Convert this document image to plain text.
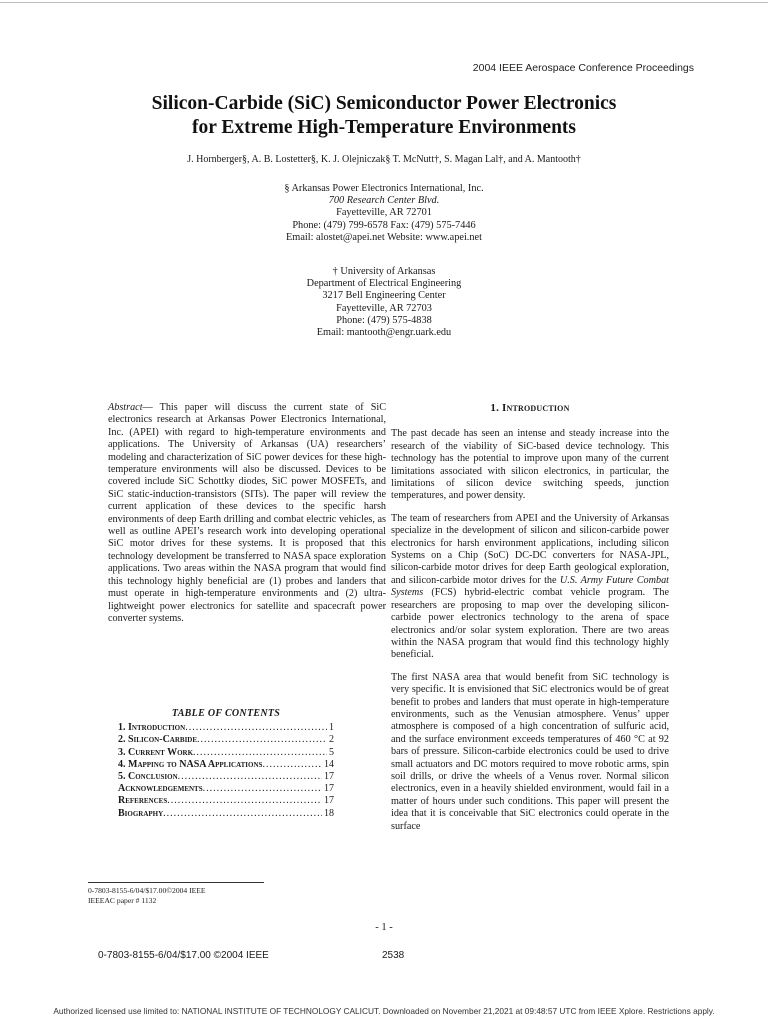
2004 IEEE Aerospace Conference Proceedings
Silicon-Carbide (SiC) Semiconductor Power Electronics
for Extreme High-Temperature Environments
J. Hornberger§, A. B. Lostetter§, K. J. Olejniczak§ T. McNutt†, S. Magan Lal†, and A. Mantooth†
§ Arkansas Power Electronics International, Inc.
700 Research Center Blvd.
Fayetteville, AR 72701
Phone: (479) 799-6578 Fax: (479) 575-7446
Email: alostet@apei.net Website: www.apei.net
† University of Arkansas
Department of Electrical Engineering
3217 Bell Engineering Center
Fayetteville, AR 72703
Phone: (479) 575-4838
Email: mantooth@engr.uark.edu

Abstract— This paper will discuss the current state of SiC electronics research at Arkansas Power Electronics International, Inc. (APEI) with regard to high-temperature environments and applications. The University of Arkansas (UA) researchers’ modeling and characterization of SiC power devices for these high-temperature environments will also be discussed. Devices to be covered include SiC Schottky diodes, SiC power MOSFETs, and SiC static-induction-transistors (SITs). The paper will review the current application of these devices to the specific harsh environments of deep Earth drilling and combat electric vehicles, as well as outline APEI’s research work into developing operational SiC motor drives for these systems. It is proposed that this technology development be transferred to NASA space exploration applications. Two areas within the NASA program that would find this technology highly beneficial are (1) probes and landers that must operate in high-temperature environments and (2) ultra-lightweight power electronics for satellite and spacecraft power converter systems.

TABLE OF CONTENTS
1. Introduction .....	1
2. Silicon-Carbide .....	2
3. Current Work .....	5
4. Mapping to NASA Applications .....	14
5. Conclusion .....	17
Acknowledgements .....	17
References .....	17
Biography .....	18
0-7803-8155-6/04/$17.00©2004 IEEE
IEEEAC paper # 1132
1. Introduction

The past decade has seen an intense and steady increase into the research of the viability of SiC-based device technology. This technology has the potential to improve upon many of the current limitations associated with silicon electronics, in particular, the limitations of silicon device switching speeds, junction temperatures, and power density.

The team of researchers from APEI and the University of Arkansas specialize in the development of silicon and silicon-carbide power electronics for harsh environment applications, including silicon Systems on a Chip (SoC) DC-DC converters for NASA-JPL, silicon-carbide motor drives for deep Earth geological exploration, and silicon-carbide motor drives for the U.S. Army Future Combat Systems (FCS) hybrid-electric combat vehicle program. The researchers are proposing to map over the developing silicon-carbide power electronics technology to the arena of space electronics and/or solar system exploration. There are two areas within the NASA program that would find this technology highly beneficial.

The first NASA area that would benefit from SiC technology is very specific. It is envisioned that SiC electronics would be of great benefit to probes and landers that must operate in high-temperature environments, such as the Venusian atmosphere. Venus’ upper atmosphere is composed of a high concentration of sulfuric acid, and the surface environment exceeds temperatures of 460 °C at 92 bars of pressure. Silicon-carbide electronics could be used to drive small actuators and DC motors required to move robotic arms, spin soil drills, or drive the wheels of a Venus rover. Normal silicon electronics, even in a heavily shielded environment, would fail in a matter of hours under such conditions. This paper will present the idea that it is conceivable that SiC electronics could operate in the surface

- 1 -
0-7803-8155-6/04/$17.00 ©2004 IEEE	2538
Authorized licensed use limited to: NATIONAL INSTITUTE OF TECHNOLOGY CALICUT. Downloaded on November 21,2021 at 09:48:57 UTC from IEEE Xplore. Restrictions apply.
